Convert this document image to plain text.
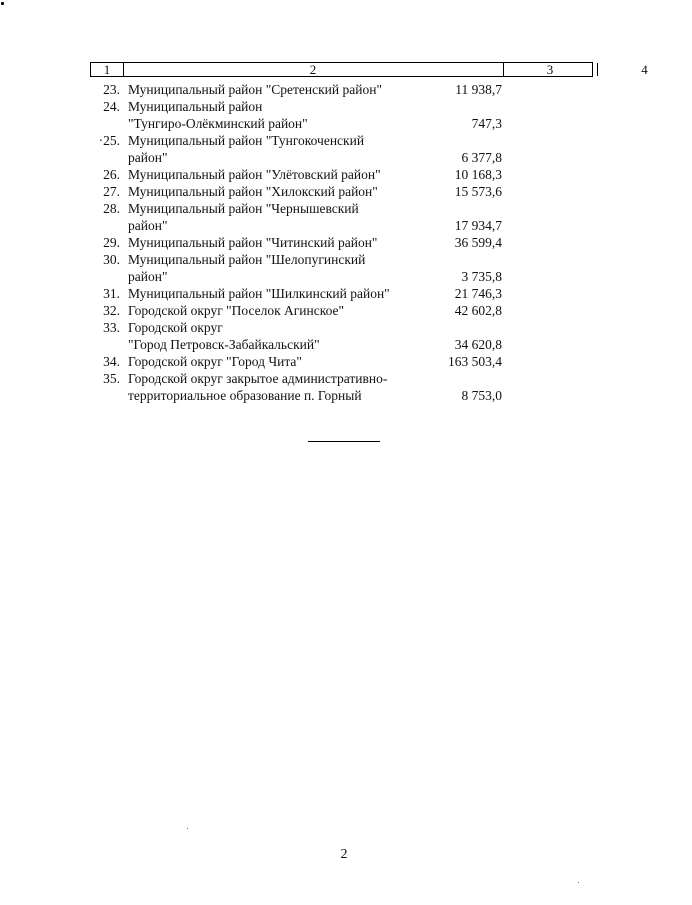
1	2	3	4
23. Муниципальный район "Сретенский район"	11 938,7
24. Муниципальный район
"Тунгиро-Олёкминский район"	747,3
·25. Муниципальный район "Тунгокоченский
район"	6 377,8
26. Муниципальный район "Улётовский район"	10 168,3
27. Муниципальный район "Хилокский район"	15 573,6
28. Муниципальный район "Чернышевский
район"	17 934,7
29. Муниципальный район "Читинский район"	36 599,4
30. Муниципальный район "Шелопугинский
район"	3 735,8
31. Муниципальный район "Шилкинский район"	21 746,3
32. Городской округ "Поселок Агинское"	42 602,8
33. Городской округ
"Город Петровск-Забайкальский"	34 620,8
34. Городской округ "Город Чита"	163 503,4
35. Городской округ закрытое административно-
территориальное образование п. Горный	8 753,0
2
